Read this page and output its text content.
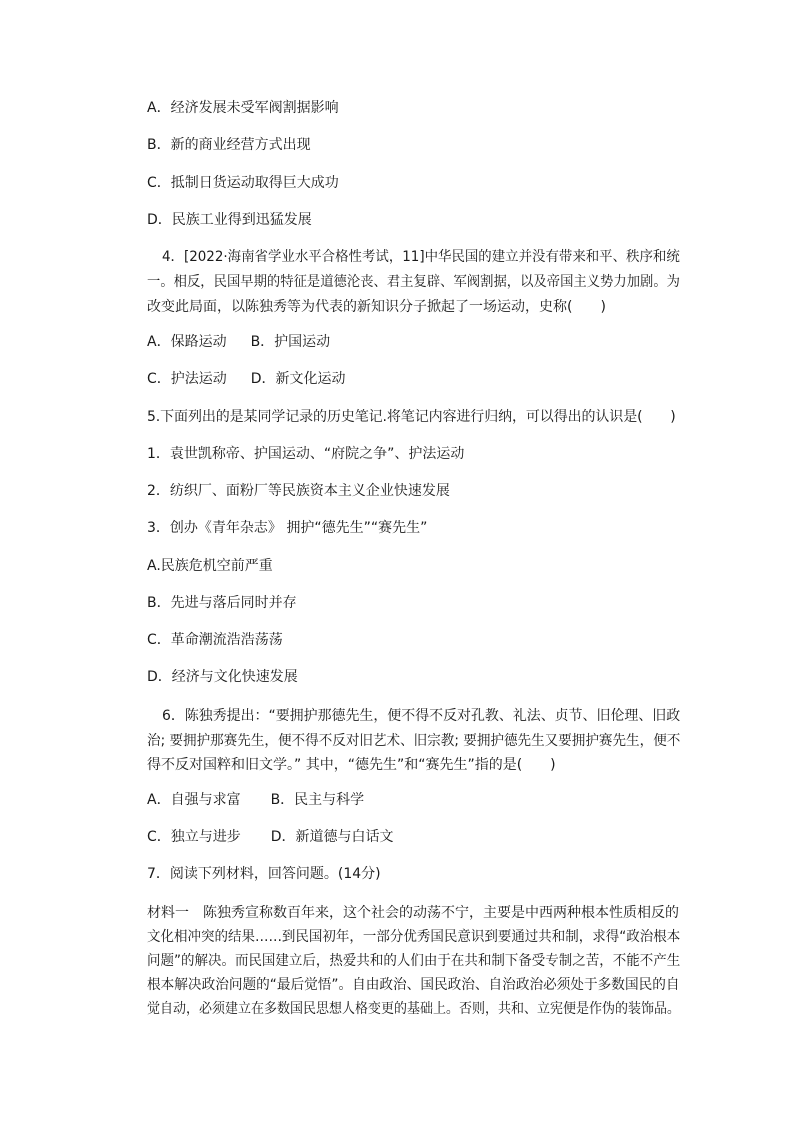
A．经济发展未受军阀割据影响
B．新的商业经营方式出现
C．抵制日货运动取得巨大成功
D．民族工业得到迅猛发展
4．[2022·海南省学业水平合格性考试，11]中华民国的建立并没有带来和平、秩序和统
一。相反，民国早期的特征是道德沦丧、君主复辟、军阀割据，以及帝国主义势力加剧。为
改变此局面，以陈独秀等为代表的新知识分子掀起了一场运动，史称(　　)
A．保路运动 B．护国运动
C．护法运动 D．新文化运动
5.下面列出的是某同学记录的历史笔记.将笔记内容进行归纳，可以得出的认识是(　　)
1．袁世凯称帝、护国运动、“府院之争”、护法运动
2．纺织厂、面粉厂等民族资本主义企业快速发展
3．创办《青年杂志》 拥护“德先生”“赛先生”
A.民族危机空前严重
B．先进与落后同时并存
C．革命潮流浩浩荡荡
D．经济与文化快速发展
6．陈独秀提出：“要拥护那德先生，便不得不反对孔教、礼法、贞节、旧伦理、旧政
治; 要拥护那赛先生，便不得不反对旧艺术、旧宗教; 要拥护德先生又要拥护赛先生，便不
得不反对国粹和旧文学。” 其中，“德先生”和“赛先生”指的是(　　)
A．自强与求富 B．民主与科学
C．独立与进步 D．新道德与白话文
7．阅读下列材料，回答问题。(14分)
材料一　陈独秀宣称数百年来，这个社会的动荡不宁，主要是中西两种根本性质相反的
文化相冲突的结果……到民国初年，一部分优秀国民意识到要通过共和制，求得“政治根本
问题”的解决。而民国建立后，热爱共和的人们由于在共和制下备受专制之苦，不能不产生
根本解决政治问题的“最后觉悟”。自由政治、国民政治、自治政治必须处于多数国民的自
觉自动，必须建立在多数国民思想人格变更的基础上。否则，共和、立宪便是作伪的装饰品。
